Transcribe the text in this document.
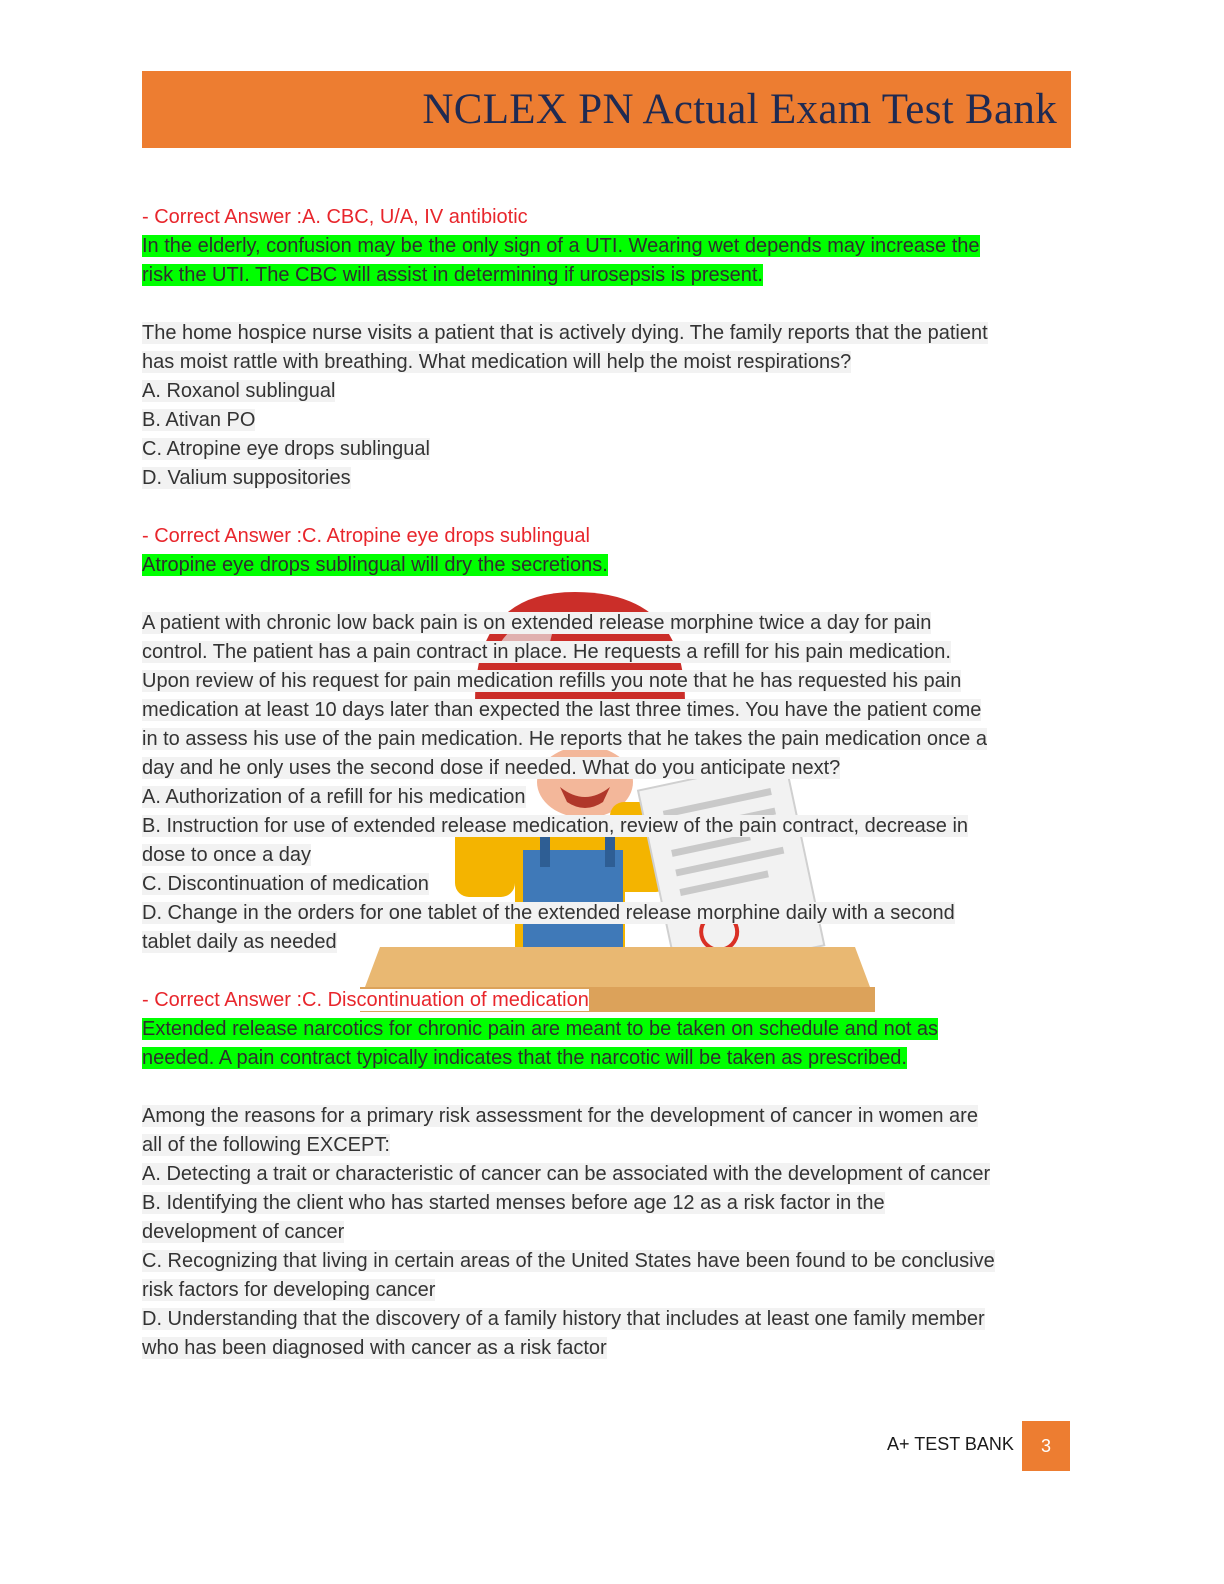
NCLEX PN Actual Exam Test Bank
- Correct Answer :A. CBC, U/A, IV antibiotic
In the elderly, confusion may be the only sign of a UTI. Wearing wet depends may increase the
risk the UTI. The CBC will assist in determining if urosepsis is present.
The home hospice nurse visits a patient that is actively dying. The family reports that the patient
has moist rattle with breathing. What medication will help the moist respirations?
A. Roxanol sublingual
B. Ativan PO
C. Atropine eye drops sublingual
D. Valium suppositories
- Correct Answer :C. Atropine eye drops sublingual
Atropine eye drops sublingual will dry the secretions.
A patient with chronic low back pain is on extended release morphine twice a day for pain
control. The patient has a pain contract in place. He requests a refill for his pain medication.
Upon review of his request for pain medication refills you note that he has requested his pain
medication at least 10 days later than expected the last three times. You have the patient come
in to assess his use of the pain medication. He reports that he takes the pain medication once a
day and he only uses the second dose if needed. What do you anticipate next?
A. Authorization of a refill for his medication
B. Instruction for use of extended release medication, review of the pain contract, decrease in
dose to once a day
C. Discontinuation of medication
D. Change in the orders for one tablet of the extended release morphine daily with a second
tablet daily as needed
- Correct Answer :C. Discontinuation of medication
Extended release narcotics for chronic pain are meant to be taken on schedule and not as
needed. A pain contract typically indicates that the narcotic will be taken as prescribed.
Among the reasons for a primary risk assessment for the development of cancer in women are
all of the following EXCEPT:
A. Detecting a trait or characteristic of cancer can be associated with the development of cancer
B. Identifying the client who has started menses before age 12 as a risk factor in the
development of cancer
C. Recognizing that living in certain areas of the United States have been found to be conclusive
risk factors for developing cancer
D. Understanding that the discovery of a family history that includes at least one family member
who has been diagnosed with cancer as a risk factor
A+ TEST BANK 3
